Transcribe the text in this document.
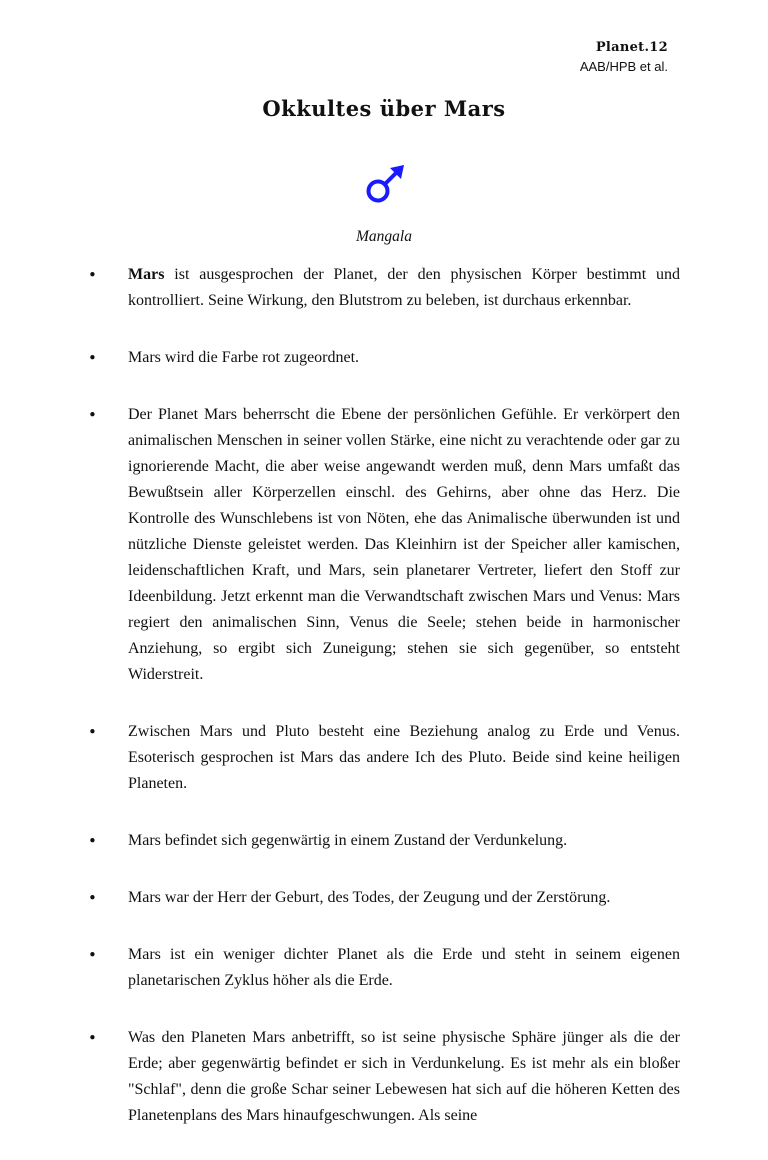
Planet.12
AAB/HPB et al.
Okkultes über Mars
Mangala
• Mars ist ausgesprochen der Planet, der den physischen Körper bestimmt und kontrolliert. Seine Wirkung, den Blutstrom zu beleben, ist durchaus erkennbar.
• Mars wird die Farbe rot zugeordnet.
• Der Planet Mars beherrscht die Ebene der persönlichen Gefühle. Er verkörpert den animalischen Menschen in seiner vollen Stärke, eine nicht zu verachtende oder gar zu ignorierende Macht, die aber weise angewandt werden muß, denn Mars umfaßt das Bewußtsein aller Körperzellen einschl. des Gehirns, aber ohne das Herz. Die Kontrolle des Wunschlebens ist von Nöten, ehe das Animalische überwunden ist und nützliche Dienste geleistet werden. Das Kleinhirn ist der Speicher aller kamischen, leidenschaftlichen Kraft, und Mars, sein planetarer Vertreter, liefert den Stoff zur Ideenbildung. Jetzt erkennt man die Verwandtschaft zwischen Mars und Venus: Mars regiert den animalischen Sinn, Venus die Seele; stehen beide in harmonischer Anziehung, so ergibt sich Zuneigung; stehen sie sich gegenüber, so entsteht Widerstreit.
• Zwischen Mars und Pluto besteht eine Beziehung analog zu Erde und Venus. Esoterisch gesprochen ist Mars das andere Ich des Pluto. Beide sind keine heiligen Planeten.
• Mars befindet sich gegenwärtig in einem Zustand der Verdunkelung.
• Mars war der Herr der Geburt, des Todes, der Zeugung und der Zerstörung.
• Mars ist ein weniger dichter Planet als die Erde und steht in seinem eigenen planetarischen Zyklus höher als die Erde.
• Was den Planeten Mars anbetrifft, so ist seine physische Sphäre jünger als die der Erde; aber gegenwärtig befindet er sich in Verdunkelung. Es ist mehr als ein bloßer "Schlaf", denn die große Schar seiner Lebewesen hat sich auf die höheren Ketten des Planetenplans des Mars hinaufgeschwungen. Als seine
